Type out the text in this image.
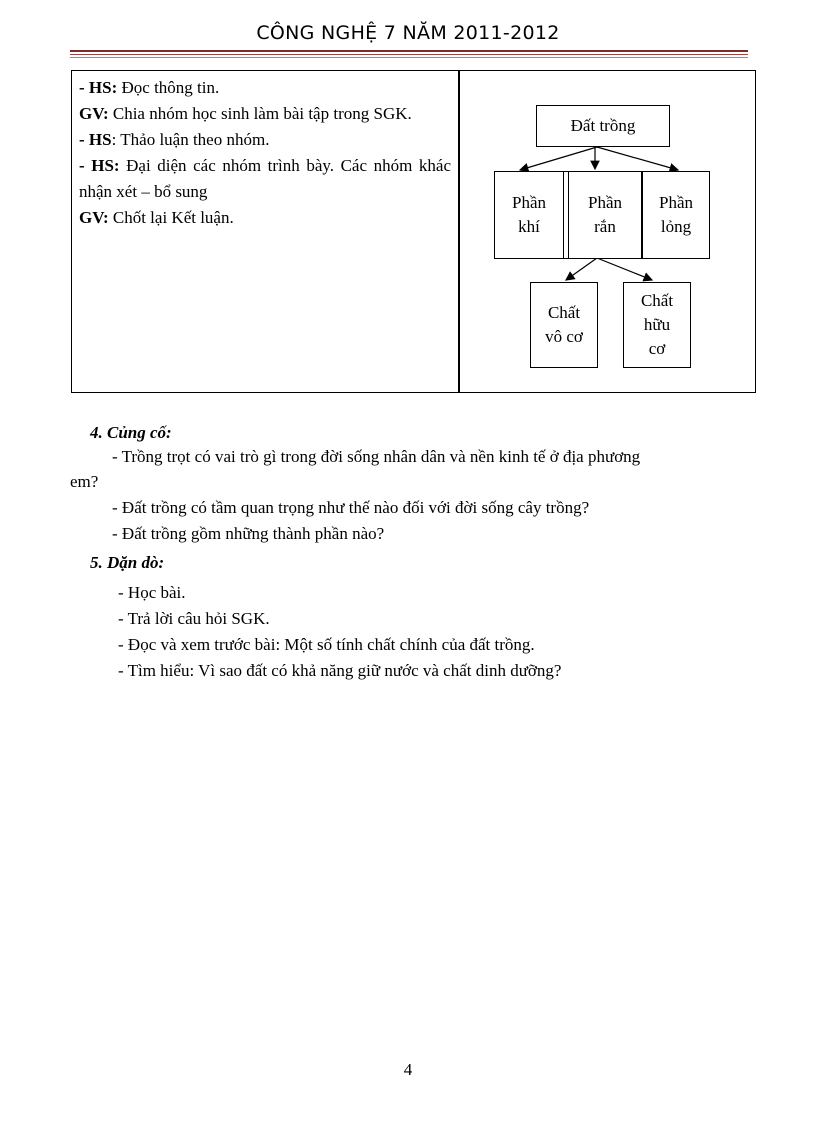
CÔNG NGHỆ 7 NĂM 2011-2012

- HS: Đọc thông tin.

GV: Chia nhóm học sinh làm bài tập trong SGK.

- HS: Thảo luận theo nhóm.

- HS: Đại diện các nhóm trình bày. Các nhóm khác nhận xét – bổ sung

GV: Chốt lại Kết luận.

Đất trồng
Phần
khí
Phần
rắn
Phần
lỏng
Chất
vô cơ
Chất
hữu
cơ
4. Củng cố:
- Trồng trọt có vai trò gì trong đời sống nhân dân và nền kinh tế ở địa phương
em?
- Đất trồng có tầm quan trọng như thế nào đối với đời sống cây trồng?
- Đất trồng gồm những thành phần nào?
5. Dặn dò:
- Học bài.
- Trả lời câu hỏi SGK.
- Đọc và xem trước bài: Một số tính chất chính của đất trồng.
- Tìm hiểu: Vì sao đất có khả năng giữ nước và chất dinh dưỡng?
4
